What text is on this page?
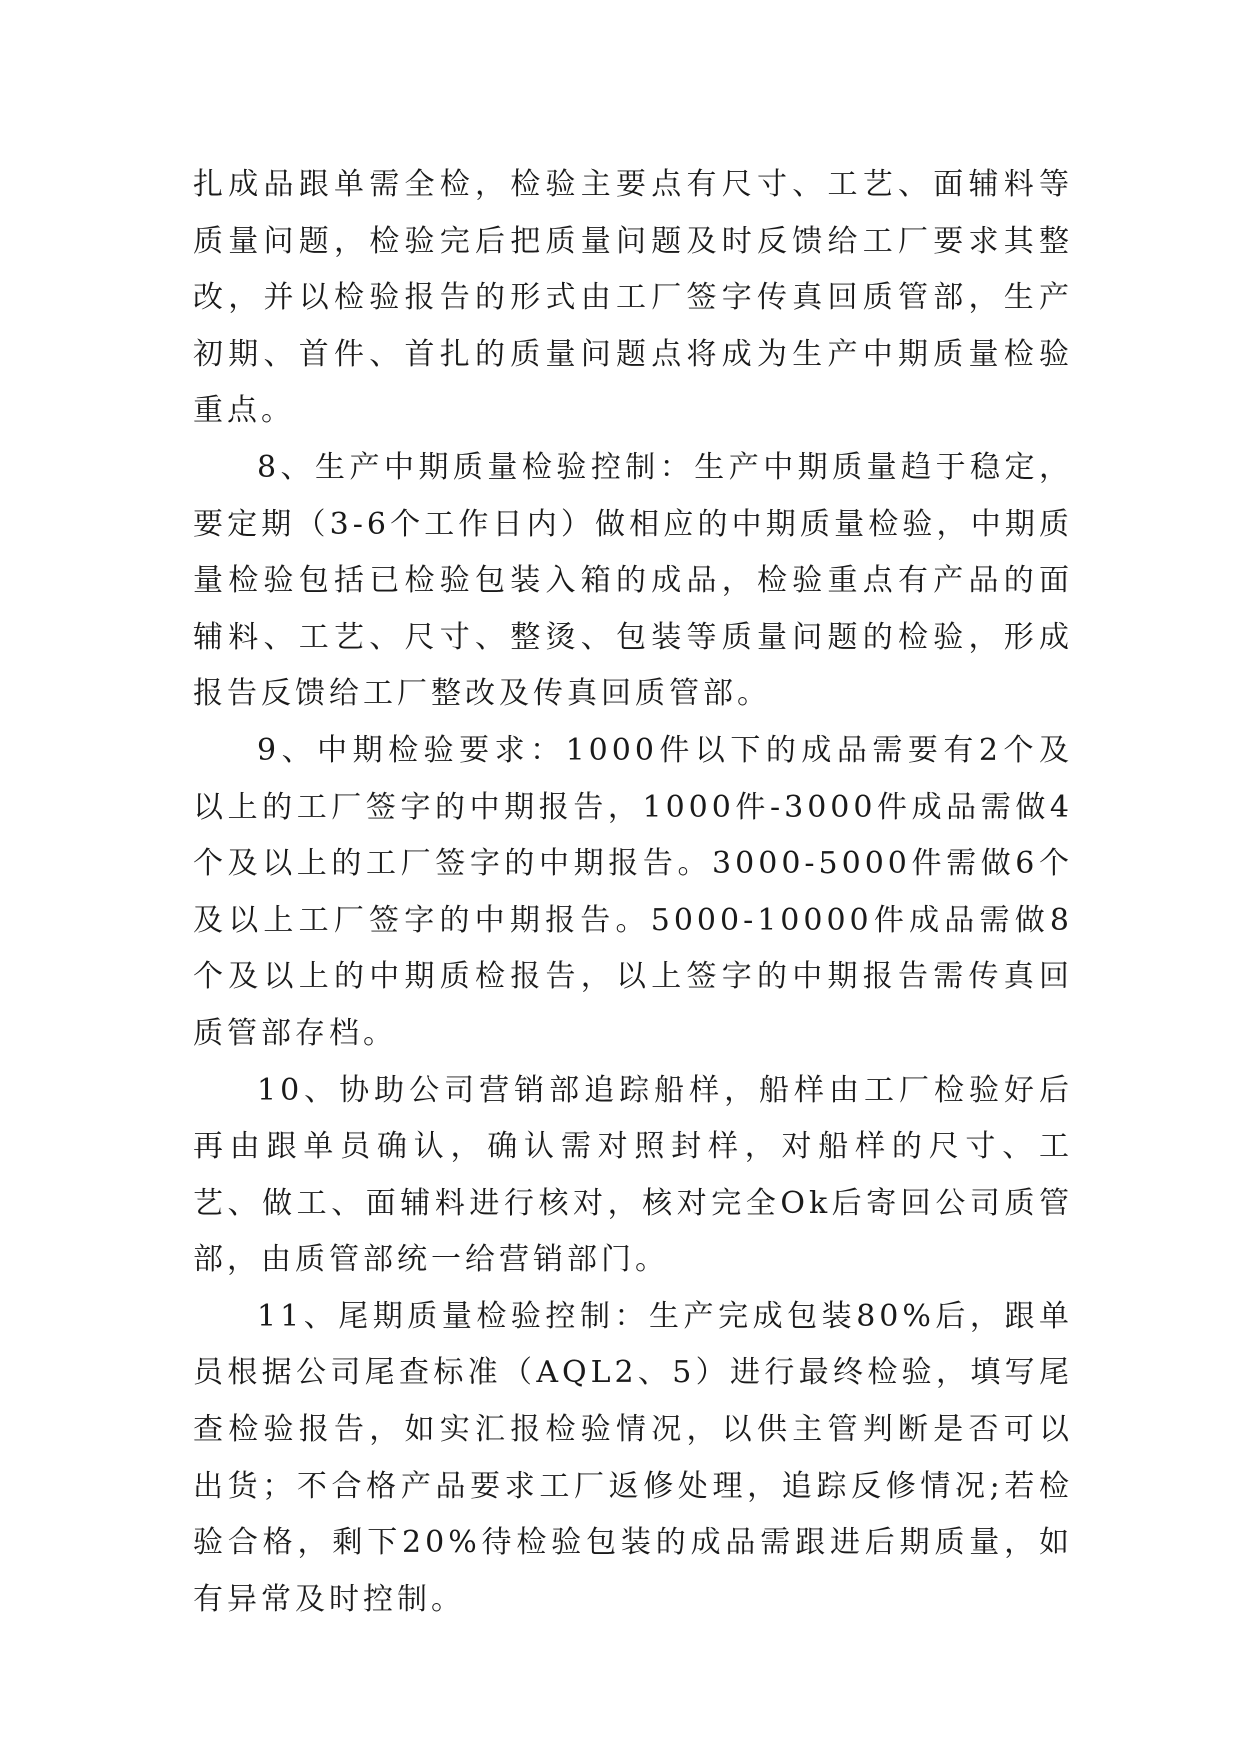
扎成品跟单需全检，检验主要点有尺寸、工艺、面辅料等质量问题，检验完后把质量问题及时反馈给工厂要求其整改，并以检验报告的形式由工厂签字传真回质管部，生产初期、首件、首扎的质量问题点将成为生产中期质量检验重点。

8、生产中期质量检验控制：生产中期质量趋于稳定，要定期（3-6个工作日内）做相应的中期质量检验，中期质量检验包括已检验包装入箱的成品，检验重点有产品的面辅料、工艺、尺寸、整烫、包装等质量问题的检验，形成报告反馈给工厂整改及传真回质管部。

9、中期检验要求：1000件以下的成品需要有2个及以上的工厂签字的中期报告，1000件-3000件成品需做4个及以上的工厂签字的中期报告。3000-5000件需做6个及以上工厂签字的中期报告。5000-10000件成品需做8个及以上的中期质检报告，以上签字的中期报告需传真回质管部存档。

10、协助公司营销部追踪船样，船样由工厂检验好后再由跟单员确认，确认需对照封样，对船样的尺寸、工艺、做工、面辅料进行核对，核对完全Ok后寄回公司质管部，由质管部统一给营销部门。

11、尾期质量检验控制：生产完成包装80%后，跟单员根据公司尾查标准（AQL2、5）进行最终检验，填写尾查检验报告，如实汇报检验情况，以供主管判断是否可以出货；不合格产品要求工厂返修处理，追踪反修情况;若检验合格，剩下20%待检验包装的成品需跟进后期质量，如有异常及时控制。
